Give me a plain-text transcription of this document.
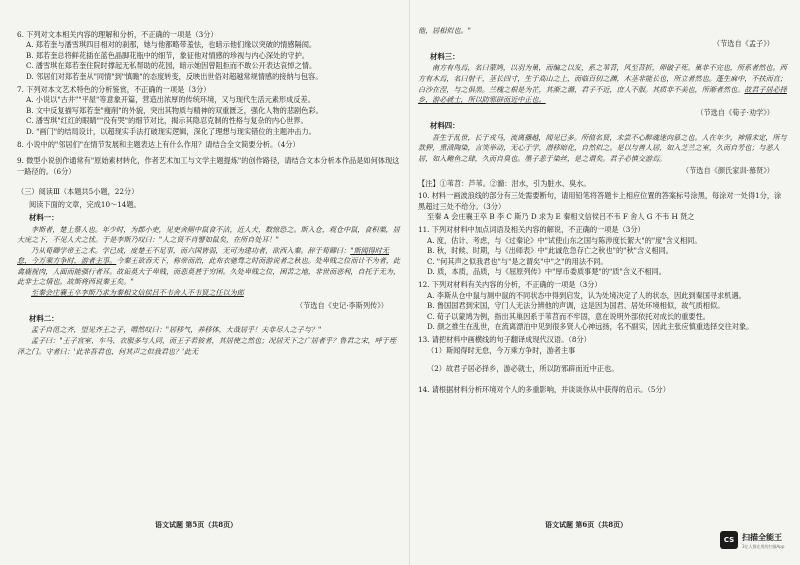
6. 下列对文本相关内容的理解和分析，不正确的一项是（3分）
A. 郑若奎与潘雪琪四目相对的刹那，她与他都略带羞怯，也暗示他们缘以突破的情感隔阂。
B. 郑若奎总将鲜花插在蓝色晶脚花瓶中的细节，象征他对情感的珍视与内心深处的守护。
C. 潘雪琪在郑若奎住院时撑起无私帮助的花园，暗示她因曾阻拒而不敢公开表达哀悼之情。
D. 邻居们对郑若奎从"同情"到"慎瞻"的态度转变，反映出世俗对超越常规情感的接纳与包容。
7. 下列对本文艺术特色的分析鉴赏，不正确的一项是（3分）
A. 小说以"古井""平屋"等意象开篇，营造出浓厚的传统环境，又与现代生活元素形成反差。
B. 文中反复描写郑若奎"瘦削"的外貌，突出其物质与精神的双重匮乏，强化人物的悲剧色彩。
C. 潘雪琪"红红的眼睛""没有哭"的细节对比，揭示其隐忍克制的性格与复杂的内心世界。
D. "画门"的结局设计，以超现实手法打破现实逻辑，深化了理想与现实错位的主题冲击力。
8. 小说中的"邻居们"在情节发展和主题表达上有什么作用？请结合全文简要分析。（4分）
9. 微型小说创作通常有"原始素材转化，作者艺术加工与文学主题提炼"的创作路径，请结合文本分析本作品是如何体现这一路径的。（6分）
（三）阅读Ⅲ（本题共5小题，22分）
阅读下面的文章，完成10～14题。
材料一：
李斯者，楚上蔡人也。年少时，为郡小吏，见吏舍厕中鼠食不洁，近人犬，数惊恐之。斯入仓，观仓中鼠，食积粟，居大庑之下，不见人犬之忧。于是李斯乃叹曰："人之贤不肖譬如鼠矣，在所自处耳！"
乃从荀卿学帝王之术。学已成，度楚王不足事，而六国皆弱，无可为建功者，欲西入秦。辞于荀卿曰："斯闻得时无怠，今万乘方争时，游者主事。今秦王欲吞天下，称帝而治，此布衣驰骛之时而游说者之秋也。处卑贱之位而计不为者，此禽鹿视肉，人面而能强行者耳。故诟莫大于卑贱，而悲莫甚于穷困。久处卑贱之位，困苦之地，非世而恶利，自托于无为，此非士之情也。故斯将西说秦王矣。"
至秦会庄襄王卒李斯乃求为秦相文信侯吕不韦舍人不韦贤之任以为郎
（节选自《史记·李斯列传》）
材料二：
孟子自范之齐，望见齐王之子，喟然叹曰："居移气，养移体，大哉居乎！夫非尽人之子与？"
孟子曰："王子宫室、车马、衣服多与人同，而王子若彼者，其居使之然也；况居天下之广居者乎？鲁君之宋，呼于垤泽之门。守者曰：'此非吾君也，何其声之似我君也？'此无
他，居相似也。"
（节选自《孟子》）
材料三：
南方有鸟焉，名曰蒙鸠，以羽为巢，而编之以发，系之苇苕，风至苕折，卵破子死。巢非不完也，所系者然也。西方有木焉，名曰射干，茎长四寸，生于高山之上，而临百仞之渊，木茎非能长也，所立者然也。蓬生麻中，不扶而直；白沙在涅，与之俱黑。兰槐之根是为芷，其渐之滫，君子不近，庶人不服。其质非不美也，所渐者然也。故君子居必择乡，游必就士，所以防邪辟而近中正也。
（节选自《荀子·劝学》）
材料四：
吾生于乱世，长于戎马，流离播越，闻见已多。所值名贤，未尝不心醉魂迷向慕之也。人在年少，神情未定，所与款狎，熏渍陶染，言笑举动，无心于学，潜移暗化，自然似之。是以与善人居，如入芝兰之室，久而自芳也；与恶人居，如入鲍鱼之肆，久而自臭也。墨子悲于染丝，是之谓矣。君子必慎交游焉。
（节选自《颜氏家训·慕贤》）
【注】①苇苕：芦苇。②滫：泔水，引为脏水、臭水。
10. 材料一画波浪线的部分有三处需要断句，请用铅笔将答题卡上相应位置的答案标号涂黑，每涂对一处得1分，涂黑超过三处不给分。（3分）
至秦 A 会庄襄王卒 B 李 C 斯乃 D 求为 E 秦相文信侯吕不韦 F 舍人 G 不韦 H 贤之
11. 下列对材料中加点词语及相关内容的解说，不正确的一项是（3分）
A. 度，估计、考虑，与《过秦论》中"试使山东之国与陈涉度长絜大"的"度"含义相同。
B. 秋，时候、时期，与《出师表》中"此诚危急存亡之秋也"的"秋"含义相同。
C. "何其声之似我君也"与"是之谓矣"中"之"的用法不同。
D. 质，本质，品质，与《屈原列传》中"厚币委质事楚"的"质"含义不相同。
12. 下列对材料有关内容的分析，不正确的一项是（3分）
A. 李斯从仓中鼠与厕中鼠的不同状态中得到启发，认为处境决定了人的状态，因此到秦国寻求机遇。
B. 鲁国国君到宋国，守门人无法分辨他的声调，这是因为国君、居处环境相似，故气质相似。
C. 荀子以蒙鸠为例，指出其巢因系于苇苕而不牢固，意在说明外部依托对成长的重要性。
D. 颜之推生在乱世，在流离漂泊中见到很多贤人心神远扬，名不副实，因此主张应慎重选择交往对象。
13. 请把材料中画横线的句子翻译成现代汉语。（8分）
（1）斯闻得时无怠，今万乘方争时，游者主事
（2）故君子居必择乡，游必就士，所以防邪辟而近中正也。
14. 请根据材料分析环境对个人的多重影响，并谈谈你从中获得的启示。（5分）
语文试题 第5页（共8页）	语文试题 第6页（共8页）
CS 扫描全能王
3亿人都在用的扫描App
